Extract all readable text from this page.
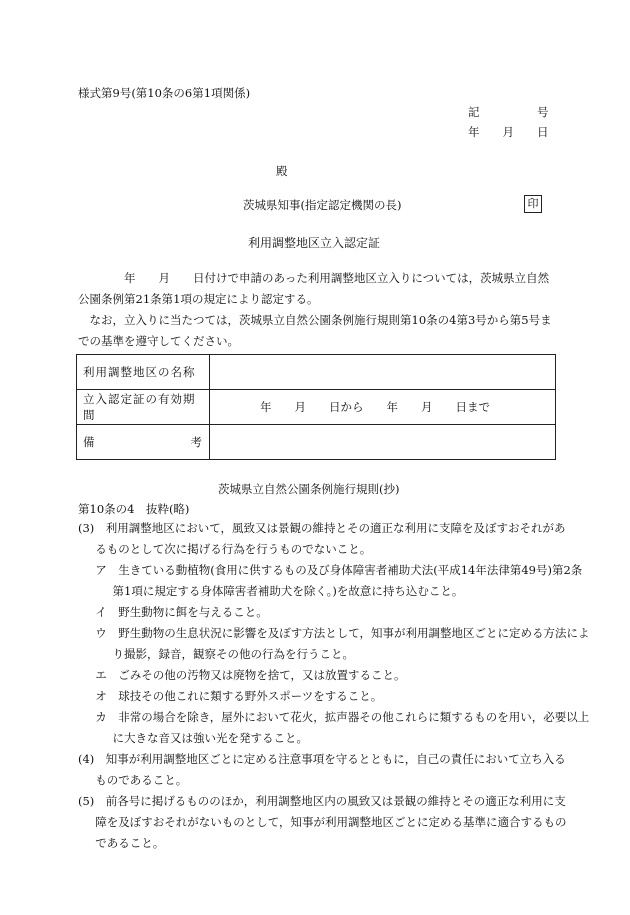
様式第9号(第10条の6第1項関係)
記　　　　　号
年　　月　　日
殿
茨城県知事(指定認定機関の長)	印
利用調整地区立入認定証
　　　　年　　月　　日付けで申請のあった利用調整地区立入りについては，茨城県立自然公園条例第21条第1項の規定により認定する。
なお，立入りに当たつては，茨城県立自然公園条例施行規則第10条の4第3号から第5号までの基準を遵守してください。
利用調整地区の名称	
立入認定証の有効期間	年　　月　　日から　　年　　月　　日まで

備 考	

茨城県立自然公園条例施行規則(抄)
第10条の4　抜粋(略)
(3)　利用調整地区において，風致又は景観の維持とその適正な利用に支障を及ぼすおそれがあるものとして次に掲げる行為を行うものでないこと。
ア　生きている動植物(食用に供するもの及び身体障害者補助犬法(平成14年法律第49号)第2条第1項に規定する身体障害者補助犬を除く。)を故意に持ち込むこと。
イ　野生動物に餌を与えること。
ウ　野生動物の生息状況に影響を及ぼす方法として，知事が利用調整地区ごとに定める方法により撮影，録音，観察その他の行為を行うこと。
エ　ごみその他の汚物又は廃物を捨て，又は放置すること。
オ　球技その他これに類する野外スポーツをすること。
カ　非常の場合を除き，屋外において花火，拡声器その他これらに類するものを用い，必要以上に大きな音又は強い光を発すること。
(4)　知事が利用調整地区ごとに定める注意事項を守るとともに，自己の責任において立ち入るものであること。
(5)　前各号に掲げるもののほか，利用調整地区内の風致又は景観の維持とその適正な利用に支障を及ぼすおそれがないものとして，知事が利用調整地区ごとに定める基準に適合するものであること。
